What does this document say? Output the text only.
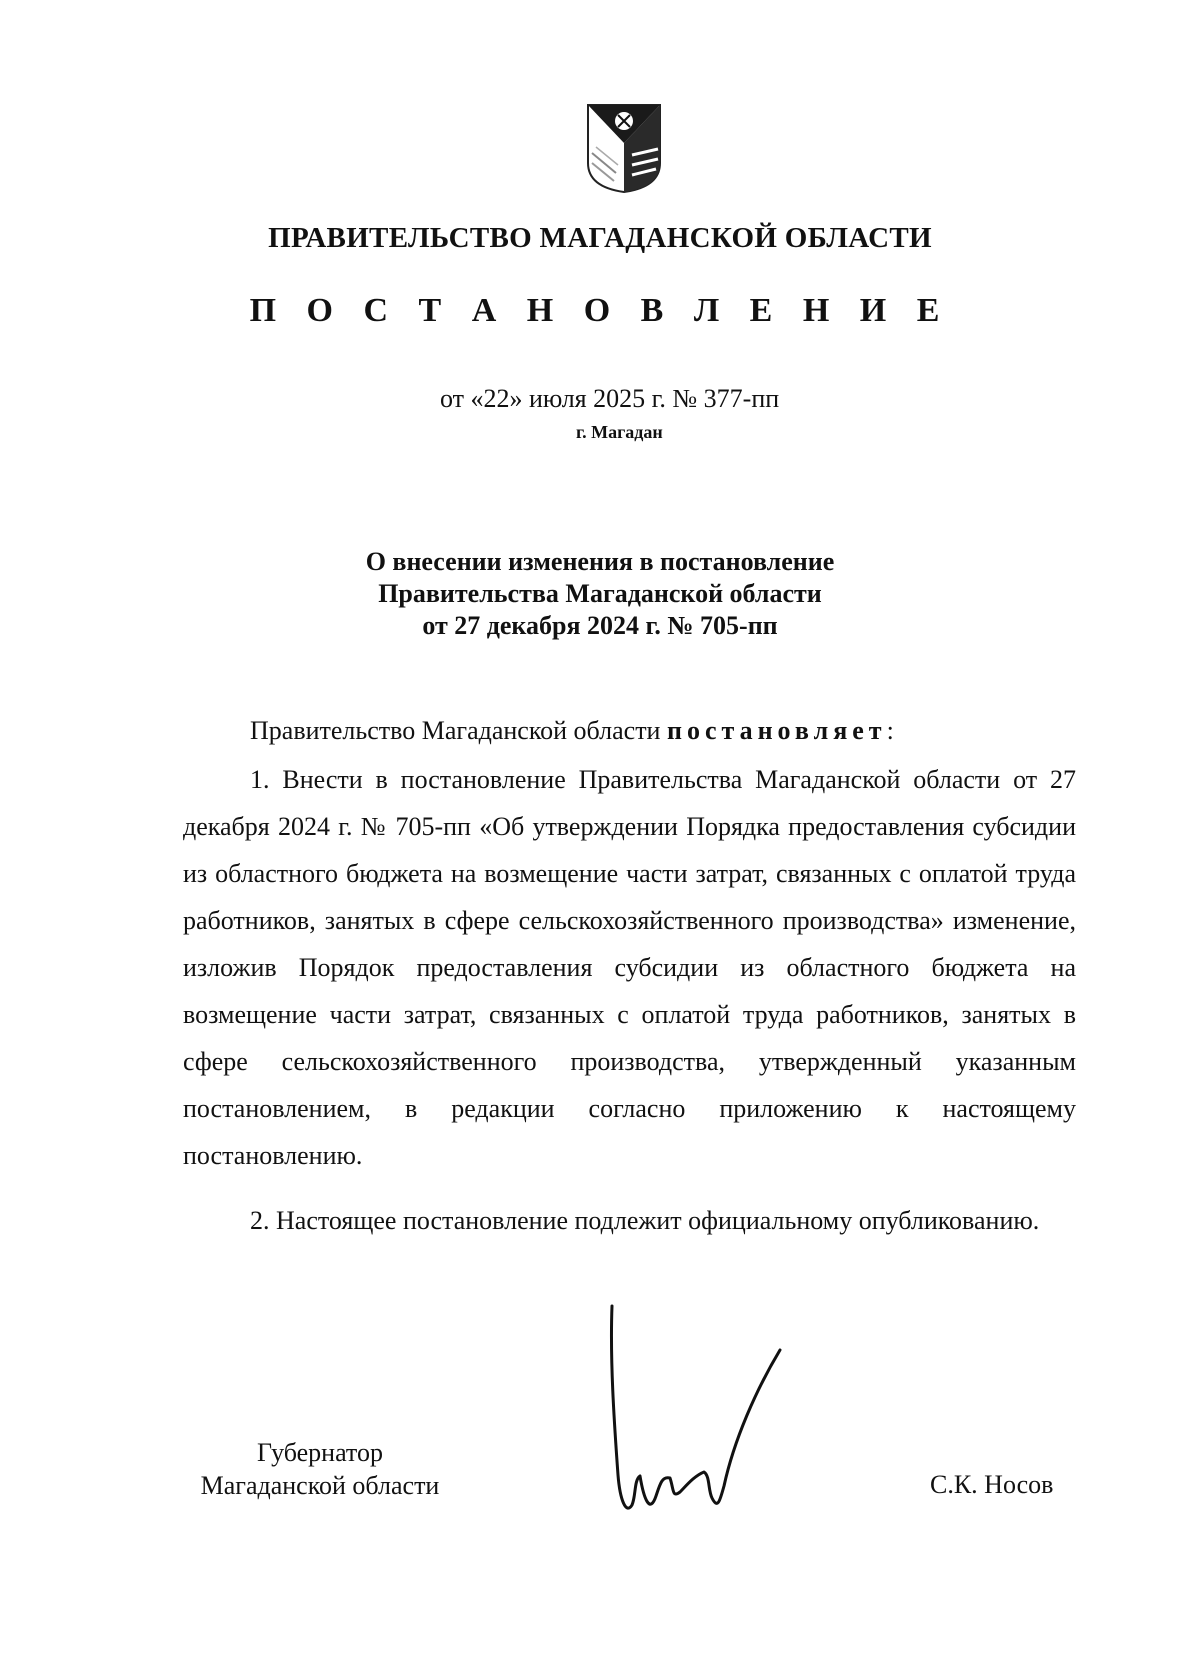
ПРАВИТЕЛЬСТВО МАГАДАНСКОЙ ОБЛАСТИ
П О С Т А Н О В Л Е Н И Е

от «22» июля 2025 г. № 377-пп

г. Магадан

О внесении изменения в постановление
Правительства Магаданской области
от 27 декабря 2024 г. № 705-пп

Правительство Магаданской области постановляет:

1. Внести в постановление Правительства Магаданской области от 27 декабря 2024 г. № 705-пп «Об утверждении Порядка предоставления субсидии из областного бюджета на возмещение части затрат, связанных с оплатой труда работников, занятых в сфере сельскохозяйственного производства» изменение, изложив Порядок предоставления субсидии из областного бюджета на возмещение части затрат, связанных с оплатой труда работников, занятых в сфере сельскохозяйственного производства, утвержденный указанным постановлением, в редакции согласно приложению к настоящему постановлению.

2. Настоящее постановление подлежит официальному опубликованию.

Губернатор
Магаданской области	С.К. Носов
